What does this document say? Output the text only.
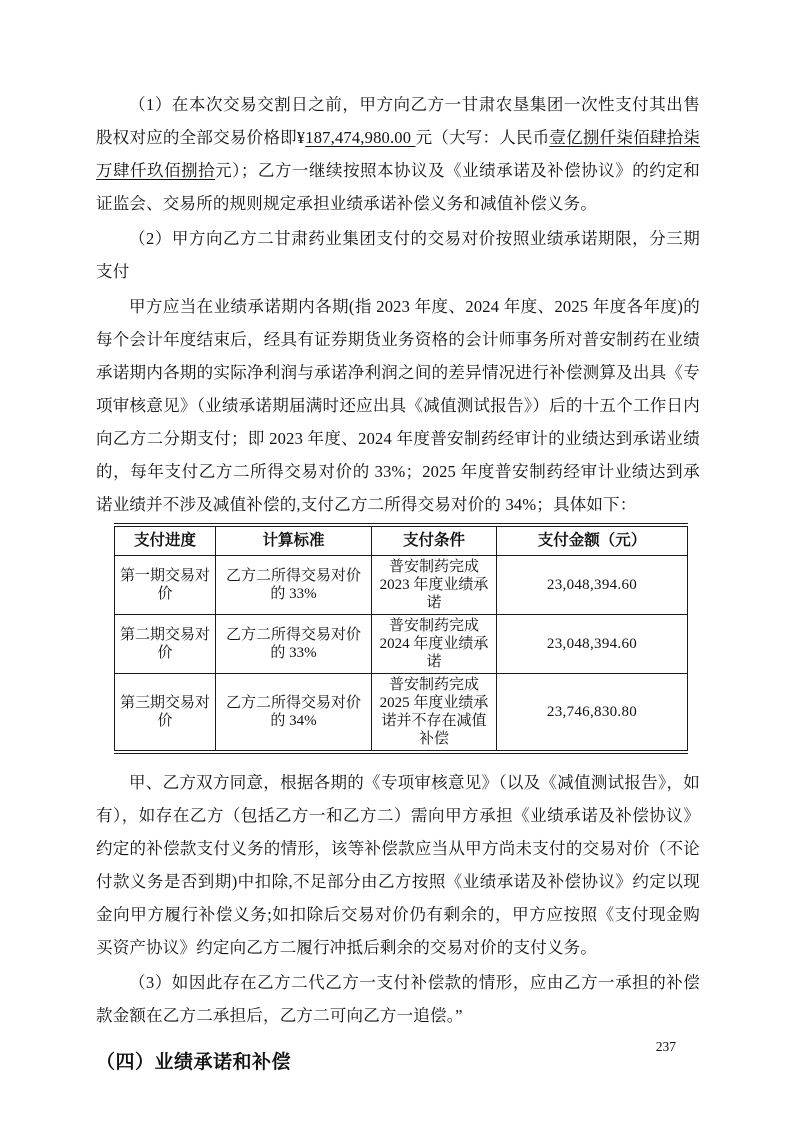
（1）在本次交易交割日之前，甲方向乙方一甘肃农垦集团一次性支付其出售股权对应的全部交易价格即¥187,474,980.00 元（大写：人民币壹亿捌仟柒佰肆拾柒万肆仟玖佰捌拾元）；乙方一继续按照本协议及《业绩承诺及补偿协议》的约定和证监会、交易所的规则规定承担业绩承诺补偿义务和减值补偿义务。

（2）甲方向乙方二甘肃药业集团支付的交易对价按照业绩承诺期限，分三期支付

甲方应当在业绩承诺期内各期(指 2023 年度、2024 年度、2025 年度各年度)的每个会计年度结束后，经具有证券期货业务资格的会计师事务所对普安制药在业绩承诺期内各期的实际净利润与承诺净利润之间的差异情况进行补偿测算及出具《专项审核意见》（业绩承诺期届满时还应出具《减值测试报告》）后的十五个工作日内向乙方二分期支付；即 2023 年度、2024 年度普安制药经审计的业绩达到承诺业绩的，每年支付乙方二所得交易对价的 33%；2025 年度普安制药经审计业绩达到承诺业绩并不涉及减值补偿的,支付乙方二所得交易对价的 34%；具体如下：

支付进度	计算标准	支付条件	支付金额（元）
第一期交易对价	乙方二所得交易对价的 33%	普安制药完成 2023 年度业绩承诺	23,048,394.60
第二期交易对价	乙方二所得交易对价的 33%	普安制药完成 2024 年度业绩承诺	23,048,394.60
第三期交易对价	乙方二所得交易对价的 34%	普安制药完成 2025 年度业绩承诺并不存在减值补偿	23,746,830.80

甲、乙方双方同意，根据各期的《专项审核意见》（以及《减值测试报告》，如有），如存在乙方（包括乙方一和乙方二）需向甲方承担《业绩承诺及补偿协议》约定的补偿款支付义务的情形，该等补偿款应当从甲方尚未支付的交易对价（不论付款义务是否到期)中扣除,不足部分由乙方按照《业绩承诺及补偿协议》约定以现金向甲方履行补偿义务;如扣除后交易对价仍有剩余的，甲方应按照《支付现金购买资产协议》约定向乙方二履行冲抵后剩余的交易对价的支付义务。

（3）如因此存在乙方二代乙方一支付补偿款的情形，应由乙方一承担的补偿款金额在乙方二承担后，乙方二可向乙方一追偿。”

（四）业绩承诺和补偿
237
